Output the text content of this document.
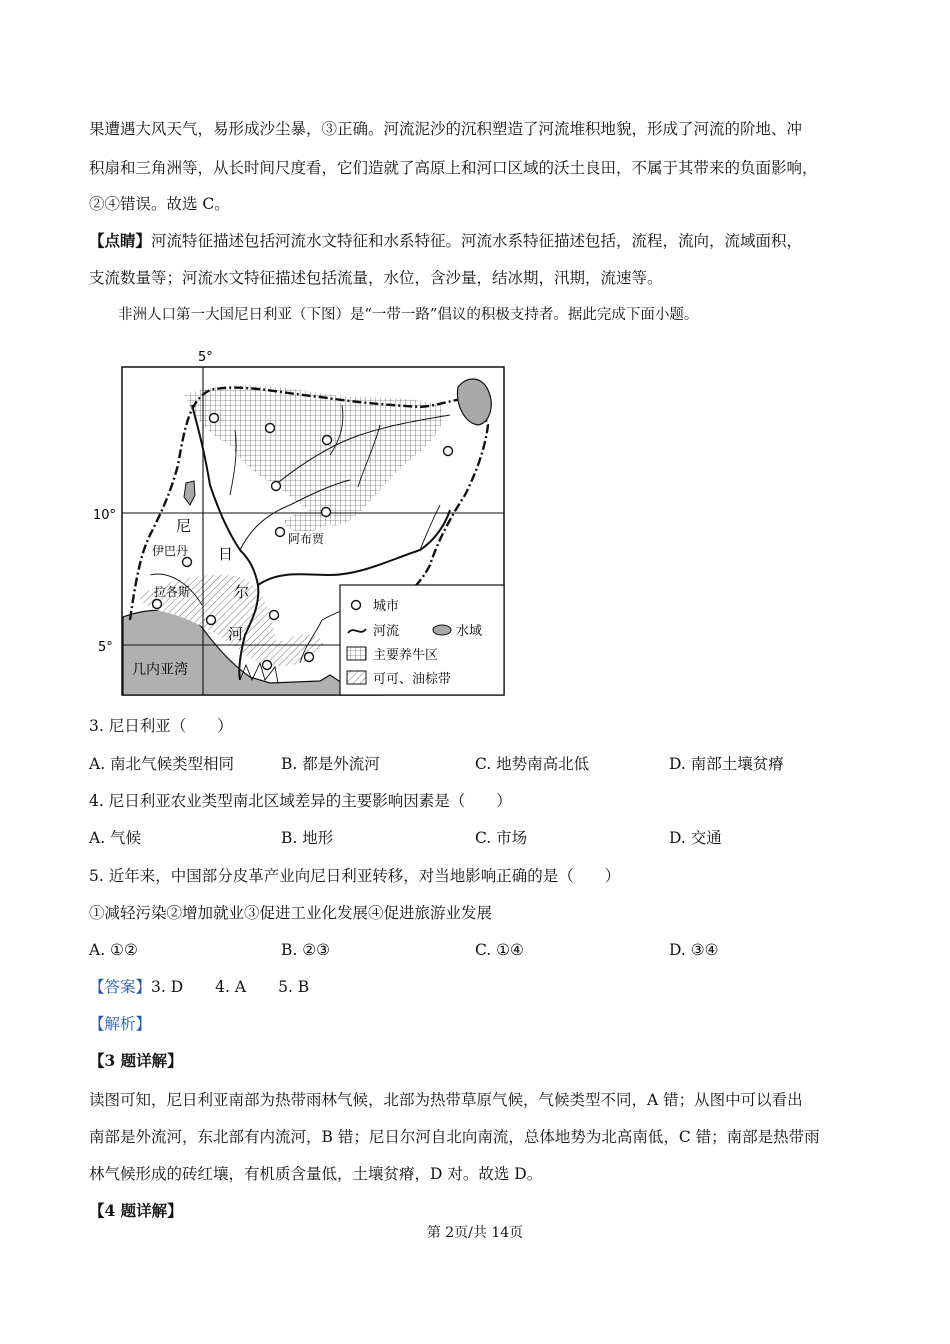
果遭遇大风天气，易形成沙尘暴，③正确。河流泥沙的沉积塑造了河流堆积地貌，形成了河流的阶地、冲
积扇和三角洲等，从长时间尺度看，它们造就了高原上和河口区域的沃土良田，不属于其带来的负面影响，
②④错误。故选 C。
【点睛】河流特征描述包括河流水文特征和水系特征。河流水系特征描述包括，流程，流向，流域面积，
支流数量等；河流水文特征描述包括流量，水位，含沙量，结冰期，汛期，流速等。
非洲人口第一大国尼日利亚（下图）是“一带一路”倡议的积极支持者。据此完成下面小题。
5°
10°
5°
几内亚湾
尼
日
尔
河
伊巴丹
拉各斯
阿布贾
城市
河流	水域
主要养牛区
可可、油棕带
3. 尼日利亚（　　）
A. 南北气候类型相同	B. 都是外流河	C. 地势南高北低	D. 南部土壤贫瘠
4. 尼日利亚农业类型南北区域差异的主要影响因素是（　　）
A. 气候	B. 地形	C. 市场	D. 交通
5. 近年来，中国部分皮革产业向尼日利亚转移，对当地影响正确的是（　　）
①减轻污染②增加就业③促进工业化发展④促进旅游业发展
A. ①②	B. ②③	C. ①④	D. ③④
【答案】3. D 4. A 5. B
【解析】
【3 题详解】
读图可知，尼日利亚南部为热带雨林气候，北部为热带草原气候，气候类型不同，A 错；从图中可以看出
南部是外流河，东北部有内流河，B 错；尼日尔河自北向南流，总体地势为北高南低，C 错；南部是热带雨
林气候形成的砖红壤，有机质含量低，土壤贫瘠，D 对。故选 D。
【4 题详解】
第 2页/共 14页
